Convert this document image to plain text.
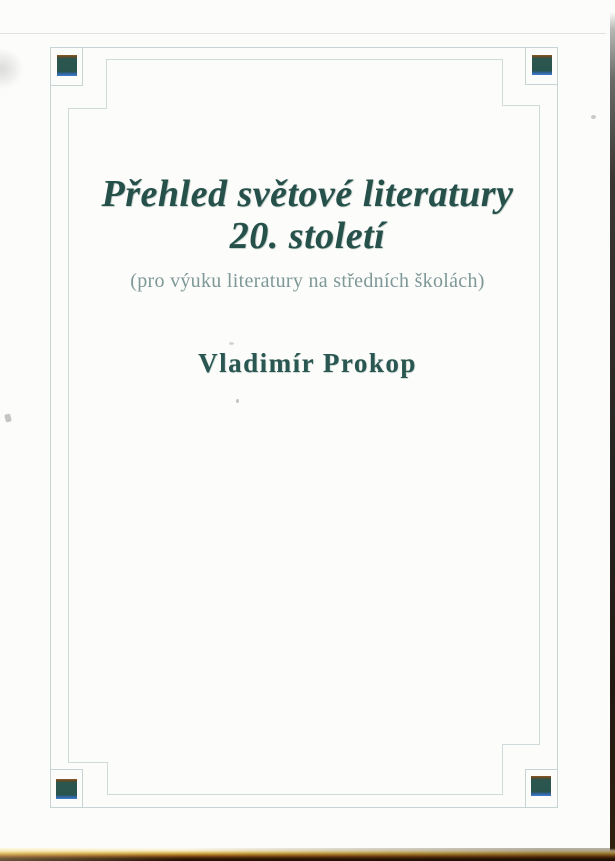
Přehled světové literatury
20. století
(pro výuku literatury na středních školách)
Vladimír Prokop
